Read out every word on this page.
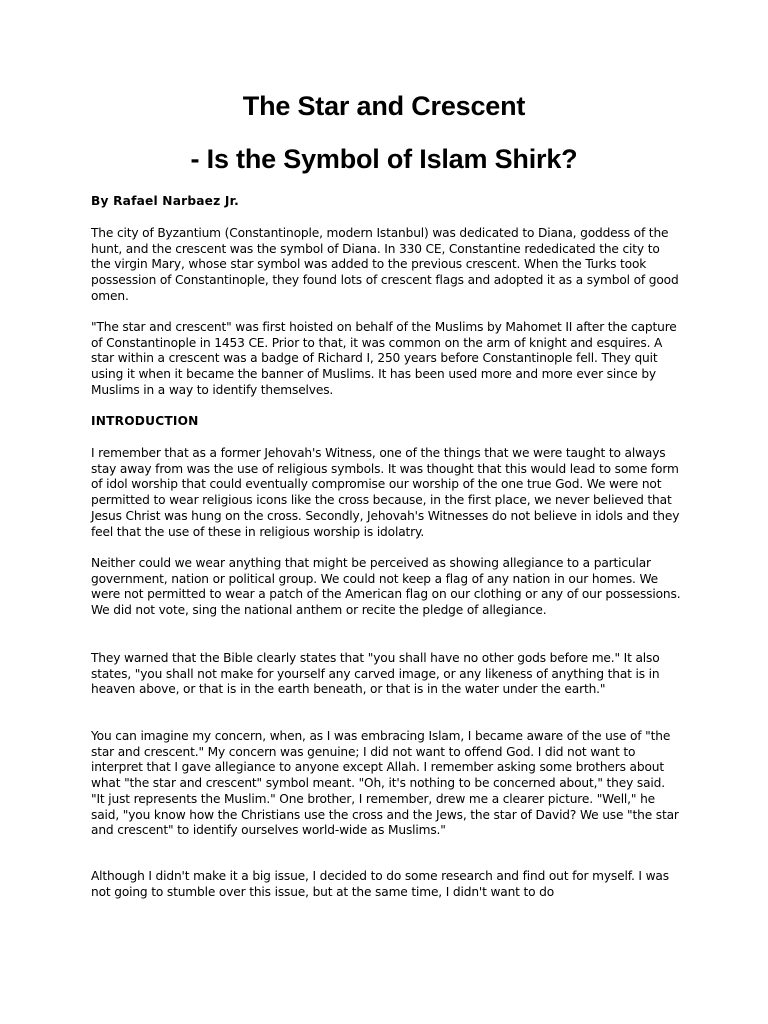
The Star and Crescent
- Is the Symbol of Islam Shirk?

By Rafael Narbaez Jr.

The city of Byzantium (Constantinople, modern Istanbul) was dedicated to Diana, goddess of the hunt, and the crescent was the symbol of Diana. In 330 CE, Constantine rededicated the city to the virgin Mary, whose star symbol was added to the previous crescent. When the Turks took possession of Constantinople, they found lots of crescent flags and adopted it as a symbol of good omen.

"The star and crescent" was first hoisted on behalf of the Muslims by Mahomet II after the capture of Constantinople in 1453 CE. Prior to that, it was common on the arm of knight and esquires. A star within a crescent was a badge of Richard I, 250 years before Constantinople fell. They quit using it when it became the banner of Muslims. It has been used more and more ever since by Muslims in a way to identify themselves.

INTRODUCTION

I remember that as a former Jehovah's Witness, one of the things that we were taught to always stay away from was the use of religious symbols. It was thought that this would lead to some form of idol worship that could eventually compromise our worship of the one true God. We were not permitted to wear religious icons like the cross because, in the first place, we never believed that Jesus Christ was hung on the cross. Secondly, Jehovah's Witnesses do not believe in idols and they feel that the use of these in religious worship is idolatry.

Neither could we wear anything that might be perceived as showing allegiance to a particular government, nation or political group. We could not keep a flag of any nation in our homes. We were not permitted to wear a patch of the American flag on our clothing or any of our possessions. We did not vote, sing the national anthem or recite the pledge of allegiance.

They warned that the Bible clearly states that "you shall have no other gods before me." It also states, "you shall not make for yourself any carved image, or any likeness of anything that is in heaven above, or that is in the earth beneath, or that is in the water under the earth."

You can imagine my concern, when, as I was embracing Islam, I became aware of the use of "the star and crescent." My concern was genuine; I did not want to offend God. I did not want to interpret that I gave allegiance to anyone except Allah. I remember asking some brothers about what "the star and crescent" symbol meant. "Oh, it's nothing to be concerned about," they said. "It just represents the Muslim." One brother, I remember, drew me a clearer picture. "Well," he said, "you know how the Christians use the cross and the Jews, the star of David? We use "the star and crescent" to identify ourselves world-wide as Muslims."

Although I didn't make it a big issue, I decided to do some research and find out for myself. I was not going to stumble over this issue, but at the same time, I didn't want to do
